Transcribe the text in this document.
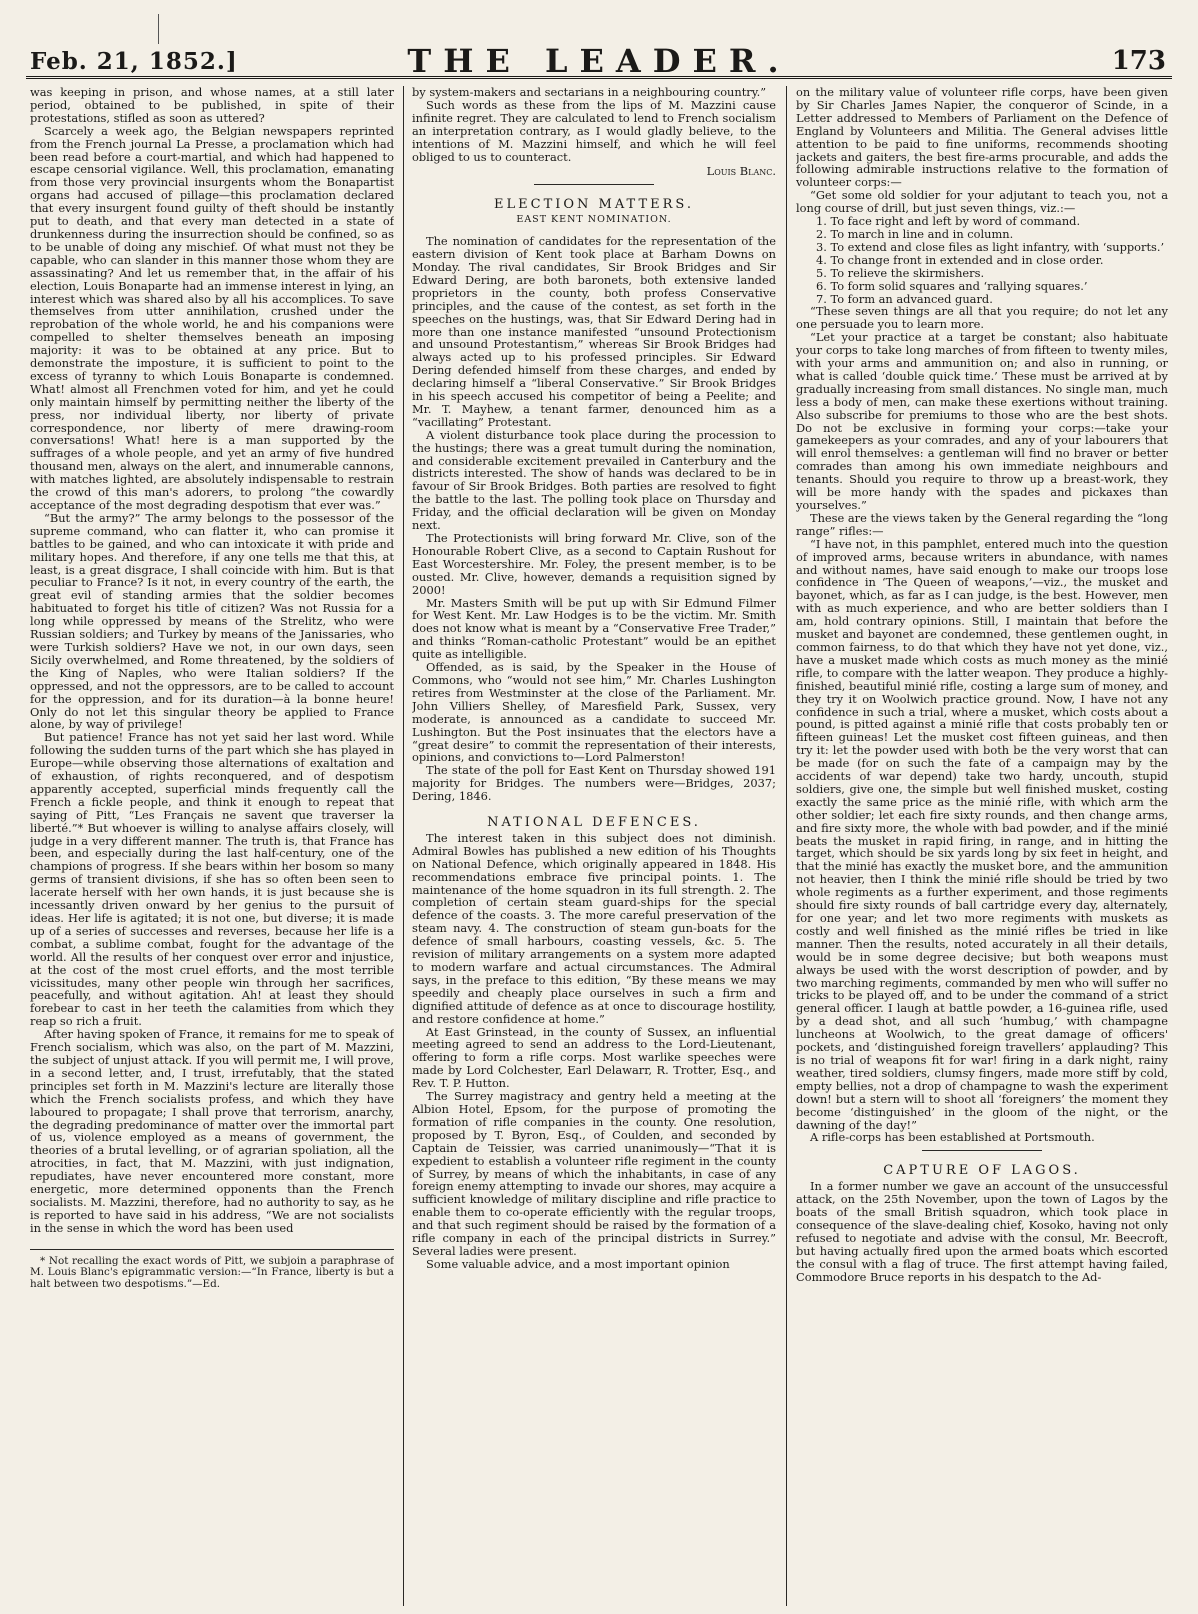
Feb. 21, 1852.]	THE LEADER.	173

was keeping in prison, and whose names, at a still later period, obtained to be published, in spite of their protestations, stifled as soon as uttered?

Scarcely a week ago, the Belgian newspapers reprinted from the French journal La Presse, a proclamation which had been read before a court-martial, and which had happened to escape censorial vigilance. Well, this proclamation, emanating from those very provincial insurgents whom the Bonapartist organs had accused of pillage—this proclamation declared that every insurgent found guilty of theft should be instantly put to death, and that every man detected in a state of drunkenness during the insurrection should be confined, so as to be unable of doing any mischief. Of what must not they be capable, who can slander in this manner those whom they are assassinating? And let us remember that, in the affair of his election, Louis Bonaparte had an immense interest in lying, an interest which was shared also by all his accomplices. To save themselves from utter annihilation, crushed under the reprobation of the whole world, he and his companions were compelled to shelter themselves beneath an imposing majority: it was to be obtained at any price. But to demonstrate the imposture, it is sufficient to point to the excess of tyranny to which Louis Bonaparte is condemned. What! almost all Frenchmen voted for him, and yet he could only maintain himself by permitting neither the liberty of the press, nor individual liberty, nor liberty of private correspondence, nor liberty of mere drawing-room conversations! What! here is a man supported by the suffrages of a whole people, and yet an army of five hundred thousand men, always on the alert, and innumerable cannons, with matches lighted, are absolutely indispensable to restrain the crowd of this man's adorers, to prolong “the cowardly acceptance of the most degrading despotism that ever was.”

“But the army?” The army belongs to the possessor of the supreme command, who can flatter it, who can promise it battles to be gained, and who can intoxicate it with pride and military hopes. And therefore, if any one tells me that this, at least, is a great disgrace, I shall coincide with him. But is that peculiar to France? Is it not, in every country of the earth, the great evil of standing armies that the soldier becomes habituated to forget his title of citizen? Was not Russia for a long while oppressed by means of the Strelitz, who were Russian soldiers; and Turkey by means of the Janissaries, who were Turkish soldiers? Have we not, in our own days, seen Sicily overwhelmed, and Rome threatened, by the soldiers of the King of Naples, who were Italian soldiers? If the oppressed, and not the oppressors, are to be called to account for the oppression, and for its duration—à la bonne heure! Only do not let this singular theory be applied to France alone, by way of privilege!

But patience! France has not yet said her last word. While following the sudden turns of the part which she has played in Europe—while observing those alternations of exaltation and of exhaustion, of rights reconquered, and of despotism apparently accepted, superficial minds frequently call the French a fickle people, and think it enough to repeat that saying of Pitt, “Les Français ne savent que traverser la liberté.”* But whoever is willing to analyse affairs closely, will judge in a very different manner. The truth is, that France has been, and especially during the last half-century, one of the champions of progress. If she bears within her bosom so many germs of transient divisions, if she has so often been seen to lacerate herself with her own hands, it is just because she is incessantly driven onward by her genius to the pursuit of ideas. Her life is agitated; it is not one, but diverse; it is made up of a series of successes and reverses, because her life is a combat, a sublime combat, fought for the advantage of the world. All the results of her conquest over error and injustice, at the cost of the most cruel efforts, and the most terrible vicissitudes, many other people win through her sacrifices, peacefully, and without agitation. Ah! at least they should forebear to cast in her teeth the calamities from which they reap so rich a fruit.

After having spoken of France, it remains for me to speak of French socialism, which was also, on the part of M. Mazzini, the subject of unjust attack. If you will permit me, I will prove, in a second letter, and, I trust, irrefutably, that the stated principles set forth in M. Mazzini's lecture are literally those which the French socialists profess, and which they have laboured to propagate; I shall prove that terrorism, anarchy, the degrading predominance of matter over the immortal part of us, violence employed as a means of government, the theories of a brutal levelling, or of agrarian spoliation, all the atrocities, in fact, that M. Mazzini, with just indignation, repudiates, have never encountered more constant, more energetic, more determined opponents than the French socialists. M. Mazzini, therefore, had no authority to say, as he is reported to have said in his address, “We are not socialists in the sense in which the word has been used

* Not recalling the exact words of Pitt, we subjoin a paraphrase of M. Louis Blanc's epigrammatic version:—“In France, liberty is but a halt between two despotisms.”—Ed.

by system-makers and sectarians in a neighbouring country.”

Such words as these from the lips of M. Mazzini cause infinite regret. They are calculated to lend to French socialism an interpretation contrary, as I would gladly believe, to the intentions of M. Mazzini himself, and which he will feel obliged to us to counteract.

Louis Blanc.

ELECTION MATTERS.
EAST KENT NOMINATION.

The nomination of candidates for the representation of the eastern division of Kent took place at Barham Downs on Monday. The rival candidates, Sir Brook Bridges and Sir Edward Dering, are both baronets, both extensive landed proprietors in the county, both profess Conservative principles, and the cause of the contest, as set forth in the speeches on the hustings, was, that Sir Edward Dering had in more than one instance manifested “unsound Protectionism and unsound Protestantism,” whereas Sir Brook Bridges had always acted up to his professed principles. Sir Edward Dering defended himself from these charges, and ended by declaring himself a “liberal Conservative.” Sir Brook Bridges in his speech accused his competitor of being a Peelite; and Mr. T. Mayhew, a tenant farmer, denounced him as a “vacillating” Protestant.

A violent disturbance took place during the procession to the hustings; there was a great tumult during the nomination, and considerable excitement prevailed in Canterbury and the districts interested. The show of hands was declared to be in favour of Sir Brook Bridges. Both parties are resolved to fight the battle to the last. The polling took place on Thursday and Friday, and the official declaration will be given on Monday next.

The Protectionists will bring forward Mr. Clive, son of the Honourable Robert Clive, as a second to Captain Rushout for East Worcestershire. Mr. Foley, the present member, is to be ousted. Mr. Clive, however, demands a requisition signed by 2000!

Mr. Masters Smith will be put up with Sir Edmund Filmer for West Kent. Mr. Law Hodges is to be the victim. Mr. Smith does not know what is meant by a “Conservative Free Trader,” and thinks “Roman-catholic Protestant” would be an epithet quite as intelligible.

Offended, as is said, by the Speaker in the House of Commons, who “would not see him,” Mr. Charles Lushington retires from Westminster at the close of the Parliament. Mr. John Villiers Shelley, of Maresfield Park, Sussex, very moderate, is announced as a candidate to succeed Mr. Lushington. But the Post insinuates that the electors have a “great desire” to commit the representation of their interests, opinions, and convictions to—Lord Palmerston!

The state of the poll for East Kent on Thursday showed 191 majority for Bridges. The numbers were—Bridges, 2037; Dering, 1846.

NATIONAL DEFENCES.

The interest taken in this subject does not diminish. Admiral Bowles has published a new edition of his Thoughts on National Defence, which originally appeared in 1848. His recommendations embrace five principal points. 1. The maintenance of the home squadron in its full strength. 2. The completion of certain steam guard-ships for the special defence of the coasts. 3. The more careful preservation of the steam navy. 4. The construction of steam gun-boats for the defence of small harbours, coasting vessels, &c. 5. The revision of military arrangements on a system more adapted to modern warfare and actual circumstances. The Admiral says, in the preface to this edition, “By these means we may speedily and cheaply place ourselves in such a firm and dignified attitude of defence as at once to discourage hostility, and restore confidence at home.”

At East Grinstead, in the county of Sussex, an influential meeting agreed to send an address to the Lord-Lieutenant, offering to form a rifle corps. Most warlike speeches were made by Lord Colchester, Earl Delawarr, R. Trotter, Esq., and Rev. T. P. Hutton.

The Surrey magistracy and gentry held a meeting at the Albion Hotel, Epsom, for the purpose of promoting the formation of rifle companies in the county. One resolution, proposed by T. Byron, Esq., of Coulden, and seconded by Captain de Teissier, was carried unanimously—“That it is expedient to establish a volunteer rifle regiment in the county of Surrey, by means of which the inhabitants, in case of any foreign enemy attempting to invade our shores, may acquire a sufficient knowledge of military discipline and rifle practice to enable them to co-operate efficiently with the regular troops, and that such regiment should be raised by the formation of a rifle company in each of the principal districts in Surrey.” Several ladies were present.

Some valuable advice, and a most important opinion

on the military value of volunteer rifle corps, have been given by Sir Charles James Napier, the conqueror of Scinde, in a Letter addressed to Members of Parliament on the Defence of England by Volunteers and Militia. The General advises little attention to be paid to fine uniforms, recommends shooting jackets and gaiters, the best fire-arms procurable, and adds the following admirable instructions relative to the formation of volunteer corps:—

“Get some old soldier for your adjutant to teach you, not a long course of drill, but just seven things, viz.:—

1. To face right and left by word of command.

2. To march in line and in column.

3. To extend and close files as light infantry, with ‘supports.’

4. To change front in extended and in close order.

5. To relieve the skirmishers.

6. To form solid squares and ‘rallying squares.’

7. To form an advanced guard.

“These seven things are all that you require; do not let any one persuade you to learn more.

“Let your practice at a target be constant; also habituate your corps to take long marches of from fifteen to twenty miles, with your arms and ammunition on; and also in running, or what is called ‘double quick time.’ These must be arrived at by gradually increasing from small distances. No single man, much less a body of men, can make these exertions without training. Also subscribe for premiums to those who are the best shots. Do not be exclusive in forming your corps:—take your gamekeepers as your comrades, and any of your labourers that will enrol themselves: a gentleman will find no braver or better comrades than among his own immediate neighbours and tenants. Should you require to throw up a breast-work, they will be more handy with the spades and pickaxes than yourselves.”

These are the views taken by the General regarding the “long range” rifles:—

“I have not, in this pamphlet, entered much into the question of improved arms, because writers in abundance, with names and without names, have said enough to make our troops lose confidence in ‘The Queen of weapons,’—viz., the musket and bayonet, which, as far as I can judge, is the best. However, men with as much experience, and who are better soldiers than I am, hold contrary opinions. Still, I maintain that before the musket and bayonet are condemned, these gentlemen ought, in common fairness, to do that which they have not yet done, viz., have a musket made which costs as much money as the minié rifle, to compare with the latter weapon. They produce a highly-finished, beautiful minié rifle, costing a large sum of money, and they try it on Woolwich practice ground. Now, I have not any confidence in such a trial, where a musket, which costs about a pound, is pitted against a minié rifle that costs probably ten or fifteen guineas! Let the musket cost fifteen guineas, and then try it: let the powder used with both be the very worst that can be made (for on such the fate of a campaign may by the accidents of war depend) take two hardy, uncouth, stupid soldiers, give one, the simple but well finished musket, costing exactly the same price as the minié rifle, with which arm the other soldier; let each fire sixty rounds, and then change arms, and fire sixty more, the whole with bad powder, and if the minié beats the musket in rapid firing, in range, and in hitting the target, which should be six yards long by six feet in height, and that the minié has exactly the musket bore, and the ammunition not heavier, then I think the minié rifle should be tried by two whole regiments as a further experiment, and those regiments should fire sixty rounds of ball cartridge every day, alternately, for one year; and let two more regiments with muskets as costly and well finished as the minié rifles be tried in like manner. Then the results, noted accurately in all their details, would be in some degree decisive; but both weapons must always be used with the worst description of powder, and by two marching regiments, commanded by men who will suffer no tricks to be played off, and to be under the command of a strict general officer. I laugh at battle powder, a 16-guinea rifle, used by a dead shot, and all such ‘humbug,’ with champagne luncheons at Woolwich, to the great damage of officers' pockets, and ‘distinguished foreign travellers’ applauding? This is no trial of weapons fit for war! firing in a dark night, rainy weather, tired soldiers, clumsy fingers, made more stiff by cold, empty bellies, not a drop of champagne to wash the experiment down! but a stern will to shoot all ‘foreigners’ the moment they become ‘distinguished’ in the gloom of the night, or the dawning of the day!”

A rifle-corps has been established at Portsmouth.

CAPTURE OF LAGOS.

In a former number we gave an account of the unsuccessful attack, on the 25th November, upon the town of Lagos by the boats of the small British squadron, which took place in consequence of the slave-dealing chief, Kosoko, having not only refused to negotiate and advise with the consul, Mr. Beecroft, but having actually fired upon the armed boats which escorted the consul with a flag of truce. The first attempt having failed, Commodore Bruce reports in his despatch to the Ad-
